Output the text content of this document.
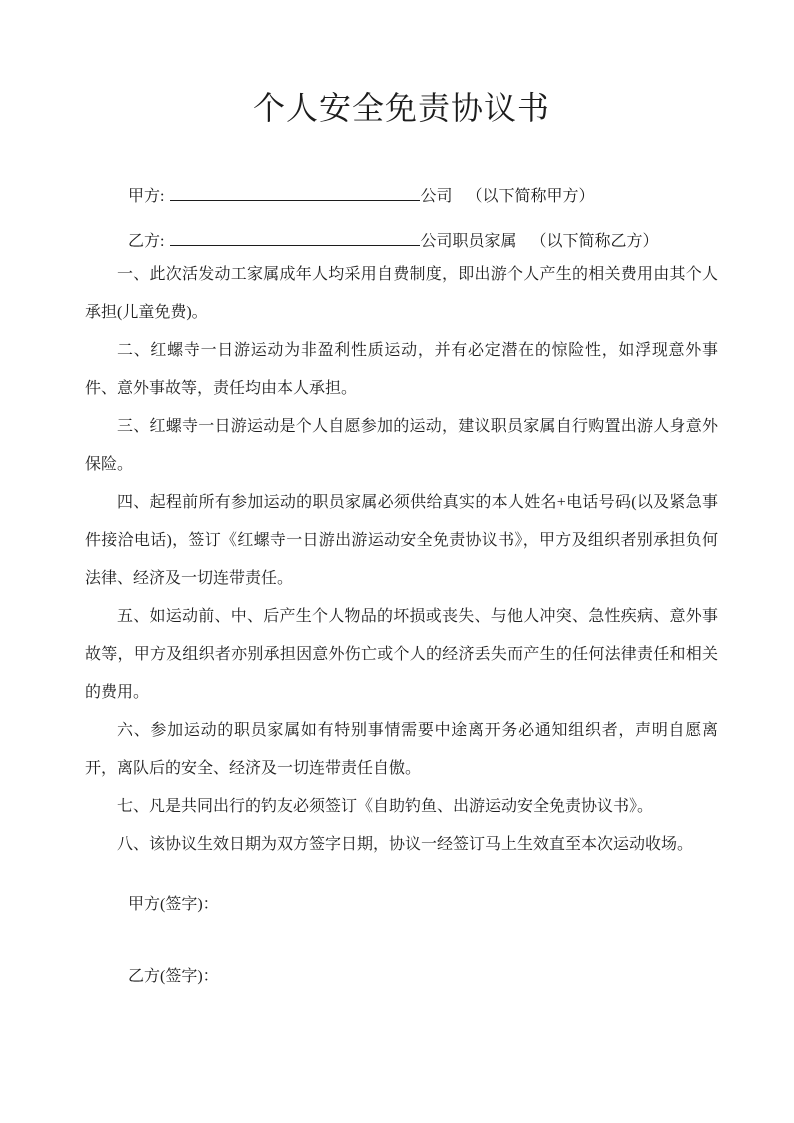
个人安全免责协议书
甲方:	公司 （以下简称甲方）
乙方:	公司职员家属 （以下简称乙方）

一、此次活发动工家属成年人均采用自费制度，即出游个人产生的相关费用由其个人承担(儿童免费)。

二、红螺寺一日游运动为非盈利性质运动，并有必定潜在的惊险性，如浮现意外事件、意外事故等，责任均由本人承担。

三、红螺寺一日游运动是个人自愿参加的运动，建议职员家属自行购置出游人身意外保险。

四、起程前所有参加运动的职员家属必须供给真实的本人姓名+电话号码(以及紧急事件接洽电话)，签订《红螺寺一日游出游运动安全免责协议书》，甲方及组织者别承担负何法律、经济及一切连带责任。

五、如运动前、中、后产生个人物品的坏损或丧失、与他人冲突、急性疾病、意外事故等，甲方及组织者亦别承担因意外伤亡或个人的经济丢失而产生的任何法律责任和相关的费用。

六、参加运动的职员家属如有特别事情需要中途离开务必通知组织者，声明自愿离开，离队后的安全、经济及一切连带责任自傲。

七、凡是共同出行的钓友必须签订《自助钓鱼、出游运动安全免责协议书》。

八、该协议生效日期为双方签字日期，协议一经签订马上生效直至本次运动收场。

甲方(签字)：
乙方(签字)：
